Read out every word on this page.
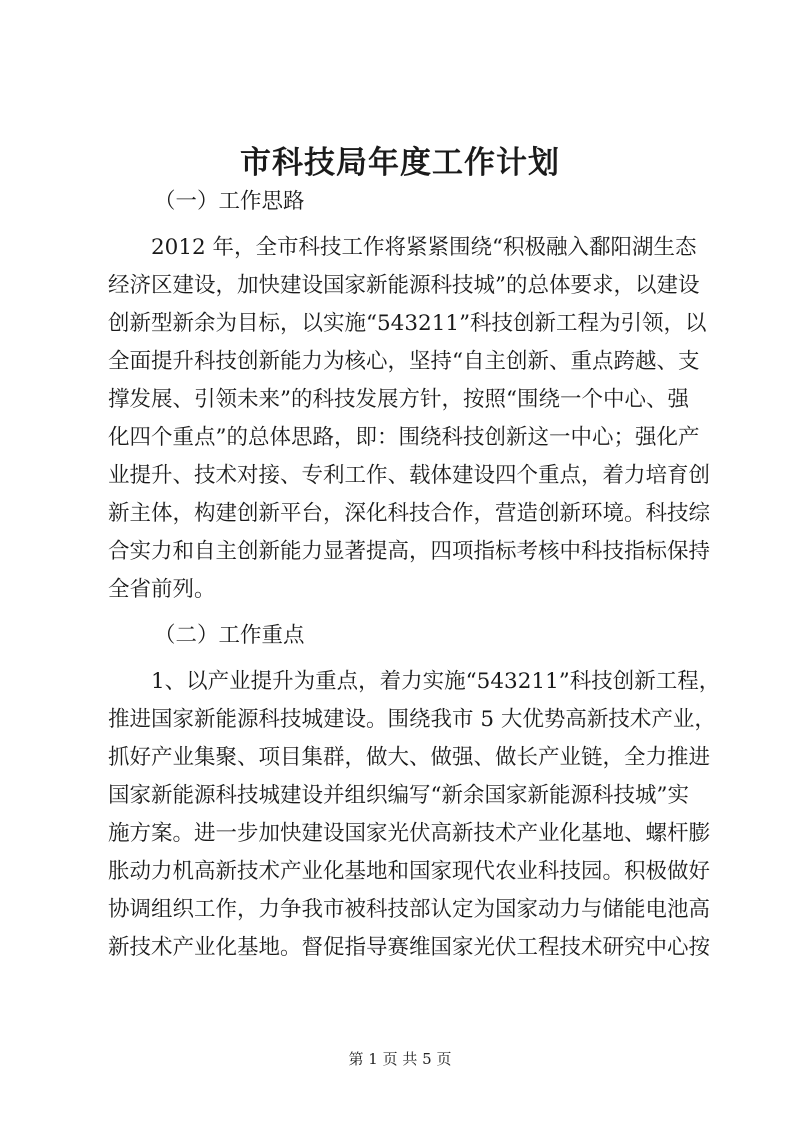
市科技局年度工作计划
（一）工作思路
2012 年，全市科技工作将紧紧围绕“积极融入鄱阳湖生态
经济区建设，加快建设国家新能源科技城”的总体要求，以建设
创新型新余为目标，以实施“543211”科技创新工程为引领，以
全面提升科技创新能力为核心，坚持“自主创新、重点跨越、支
撑发展、引领未来”的科技发展方针，按照“围绕一个中心、强
化四个重点”的总体思路，即：围绕科技创新这一中心；强化产
业提升、技术对接、专利工作、载体建设四个重点，着力培育创
新主体，构建创新平台，深化科技合作，营造创新环境。科技综
合实力和自主创新能力显著提高，四项指标考核中科技指标保持
全省前列。
（二）工作重点
1、以产业提升为重点，着力实施“543211”科技创新工程，
推进国家新能源科技城建设。围绕我市 5 大优势高新技术产业，
抓好产业集聚、项目集群，做大、做强、做长产业链，全力推进
国家新能源科技城建设并组织编写“新余国家新能源科技城”实
施方案。进一步加快建设国家光伏高新技术产业化基地、螺杆膨
胀动力机高新技术产业化基地和国家现代农业科技园。积极做好
协调组织工作，力争我市被科技部认定为国家动力与储能电池高
新技术产业化基地。督促指导赛维国家光伏工程技术研究中心按
第 1 页 共 5 页
